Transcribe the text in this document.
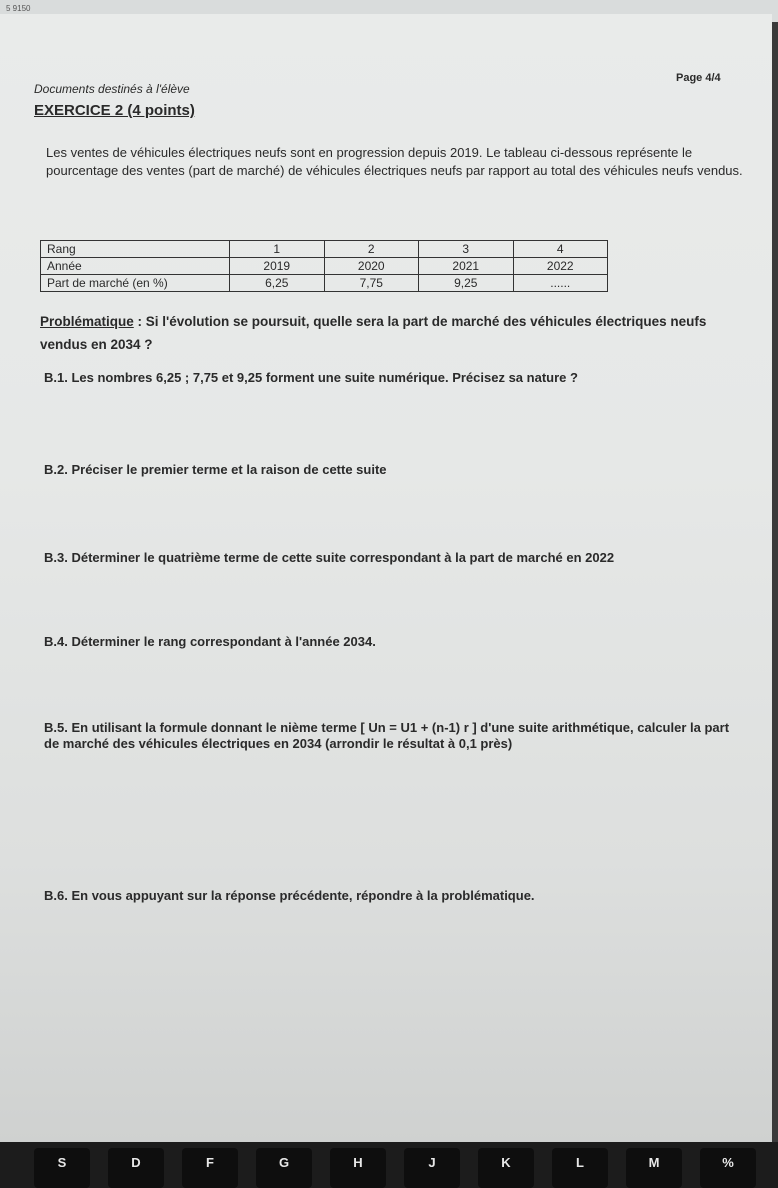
5 9150
Documents destinés à l'élève
Page 4/4
EXERCICE 2 (4 points)
Les ventes de véhicules électriques neufs sont en progression depuis 2019. Le tableau ci-dessous représente le pourcentage des ventes (part de marché) de véhicules électriques neufs par rapport au total des véhicules neufs vendus.
Rang	1	2	3	4
Année	2019	2020	2021	2022
Part de marché (en %)	6,25	7,75	9,25	......
Problématique : Si l'évolution se poursuit, quelle sera la part de marché des véhicules électriques neufs vendus en 2034 ?
B.1. Les nombres 6,25 ; 7,75 et 9,25 forment une suite numérique. Précisez sa nature ?
B.2. Préciser le premier terme et la raison de cette suite
B.3. Déterminer le quatrième terme de cette suite correspondant à la part de marché en 2022
B.4. Déterminer le rang correspondant à l'année 2034.
B.5. En utilisant la formule donnant le nième terme [ Un = U1 + (n-1) r ] d'une suite arithmétique, calculer la part de marché des véhicules électriques en 2034 (arrondir le résultat à 0,1 près)
B.6. En vous appuyant sur la réponse précédente, répondre à la problématique.
S	D	F	G	H	J	K	L	M	%
